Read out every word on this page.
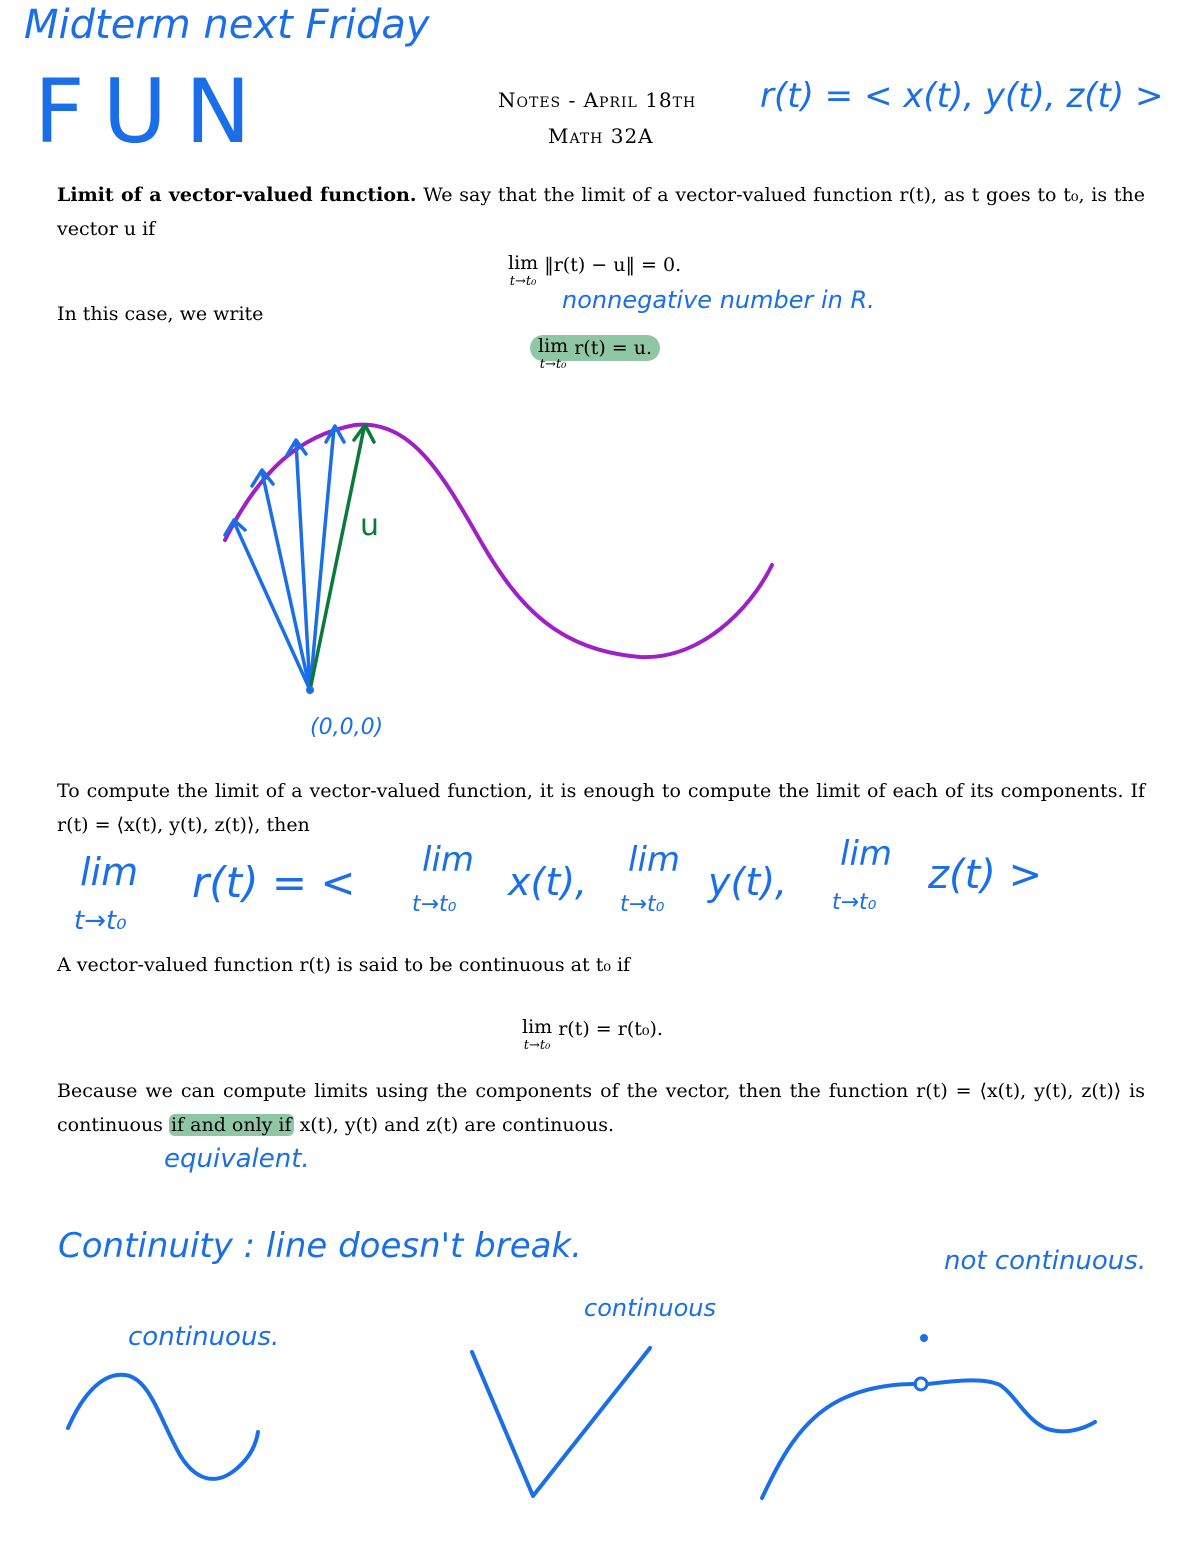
Midterm next Friday
FUN	Notes - April 18th
Math 32A
r(t) = < x(t), y(t), z(t) >
Limit of a vector-valued function. We say that the limit of a vector-valued function r(t), as t goes to t₀, is the vector u if
lim
t→t₀
‖r(t) − u‖ = 0.
nonnegative number in R.
In this case, we write
lim
t→t₀
r(t) = u.
u
(0,0,0)
To compute the limit of a vector-valued function, it is enough to compute the limit of each of its components. If r(t) = ⟨x(t), y(t), z(t)⟩, then
lim
t→t₀
r(t) = < lim
t→t₀
x(t), lim
t→t₀
y(t),
lim
t→t₀
z(t) >
A vector-valued function r(t) is said to be continuous at t₀ if
lim
t→t₀
r(t) = r(t₀).
Because we can compute limits using the components of the vector, then the function r(t) = ⟨x(t), y(t), z(t)⟩ is continuous if and only if x(t), y(t) and z(t) are continuous.
equivalent.
Continuity : line doesn't break.	not continuous.
continuous
continuous.
